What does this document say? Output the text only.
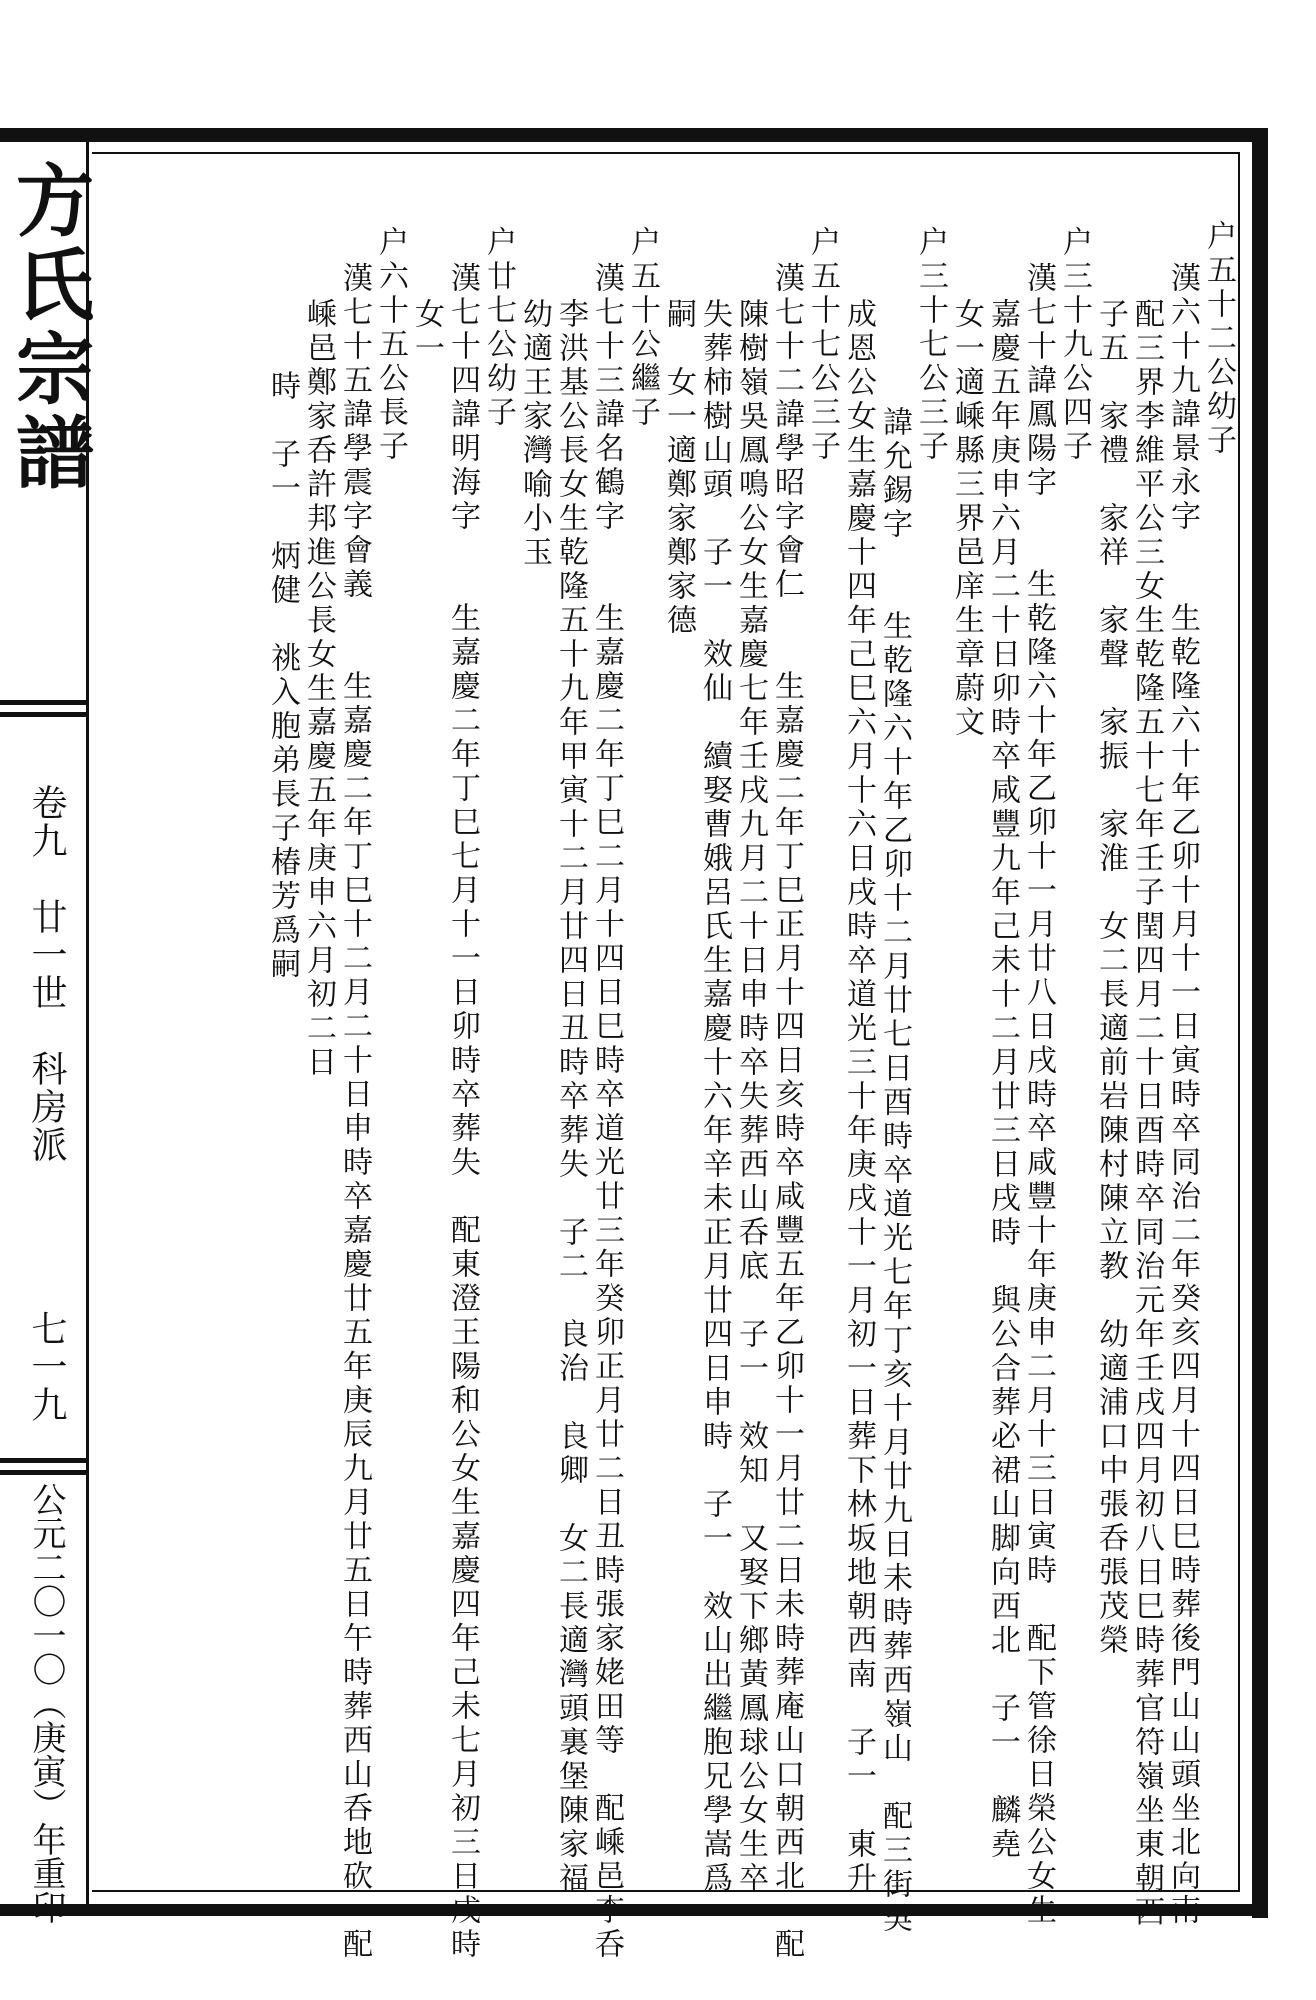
方氏宗譜
卷九　廿一世　科房派
七一九
公元二〇一〇（庚寅）年重印
户五十二公幼子
漢六十九諱景永字　　生乾隆六十年乙卯十月十一日寅時卒同治二年癸亥四月十四日巳時葬後門山山頭坐北向南
配三界李維平公三女生乾隆五十七年壬子閏四月二十日酉時卒同治元年壬戌四月初八日巳時葬官符嶺坐東朝西
子五　家禮　家祥　家聲　家振　家淮　女二長適前岩陳村陳立教　幼適浦口中張呑張茂榮
户三十九公四子
漢七十諱鳳陽字　　生乾隆六十年乙卯十一月廿八日戌時卒咸豐十年庚申二月十三日寅時　配下管徐日榮公女生
嘉慶五年庚申六月二十日卯時卒咸豐九年己未十二月廿三日戌時　與公合葬必裙山脚向西北　子一　麟堯
女一適嵊縣三界邑庠生章蔚文
户三十七公三子
諱允錫字　　生乾隆六十年乙卯十二月廿七日酉時卒道光七年丁亥十月廿九日未時葬西嶺山　配三街吳
成恩公女生嘉慶十四年己巳六月十六日戌時卒道光三十年庚戌十一月初一日葬下林坂地朝西南　子一　東升
户五十七公三子
漢七十二諱學昭字會仁　　生嘉慶二年丁巳正月十四日亥時卒咸豐五年乙卯十一月廿二日未時葬庵山口朝西北　配
陳樹嶺吳鳳鳴公女生嘉慶七年壬戌九月二十日申時卒失葬西山呑底　子一　效知　又娶下鄉黃鳳球公女生卒
失葬柿樹山頭　子一　效仙　續娶曹娥呂氏生嘉慶十六年辛未正月廿四日申時　子一　效山出繼胞兄學嵩爲
嗣　女一適鄭家鄭家德
户五十公繼子
漢七十三諱名鶴字　　生嘉慶二年丁巳二月十四日巳時卒道光廿三年癸卯正月廿二日丑時張家姥田等　配嵊邑李呑
李洪基公長女生乾隆五十九年甲寅十二月廿四日丑時卒葬失　子二　良治　良卿　女二長適灣頭裏堡陳家福
幼適王家灣喻小玉
户廿七公幼子
漢七十四諱明海字　　生嘉慶二年丁巳七月十一日卯時卒葬失　配東澄王陽和公女生嘉慶四年己未七月初三日戌時
女一
户六十五公長子
漢七十五諱學震字會義　　生嘉慶二年丁巳十二月二十日申時卒嘉慶廿五年庚辰九月廿五日午時葬西山呑地砍　配
嵊邑鄭家呑許邦進公長女生嘉慶五年庚申六月初二日
時　子一　炳健　祧入胞弟長子椿芳爲嗣
